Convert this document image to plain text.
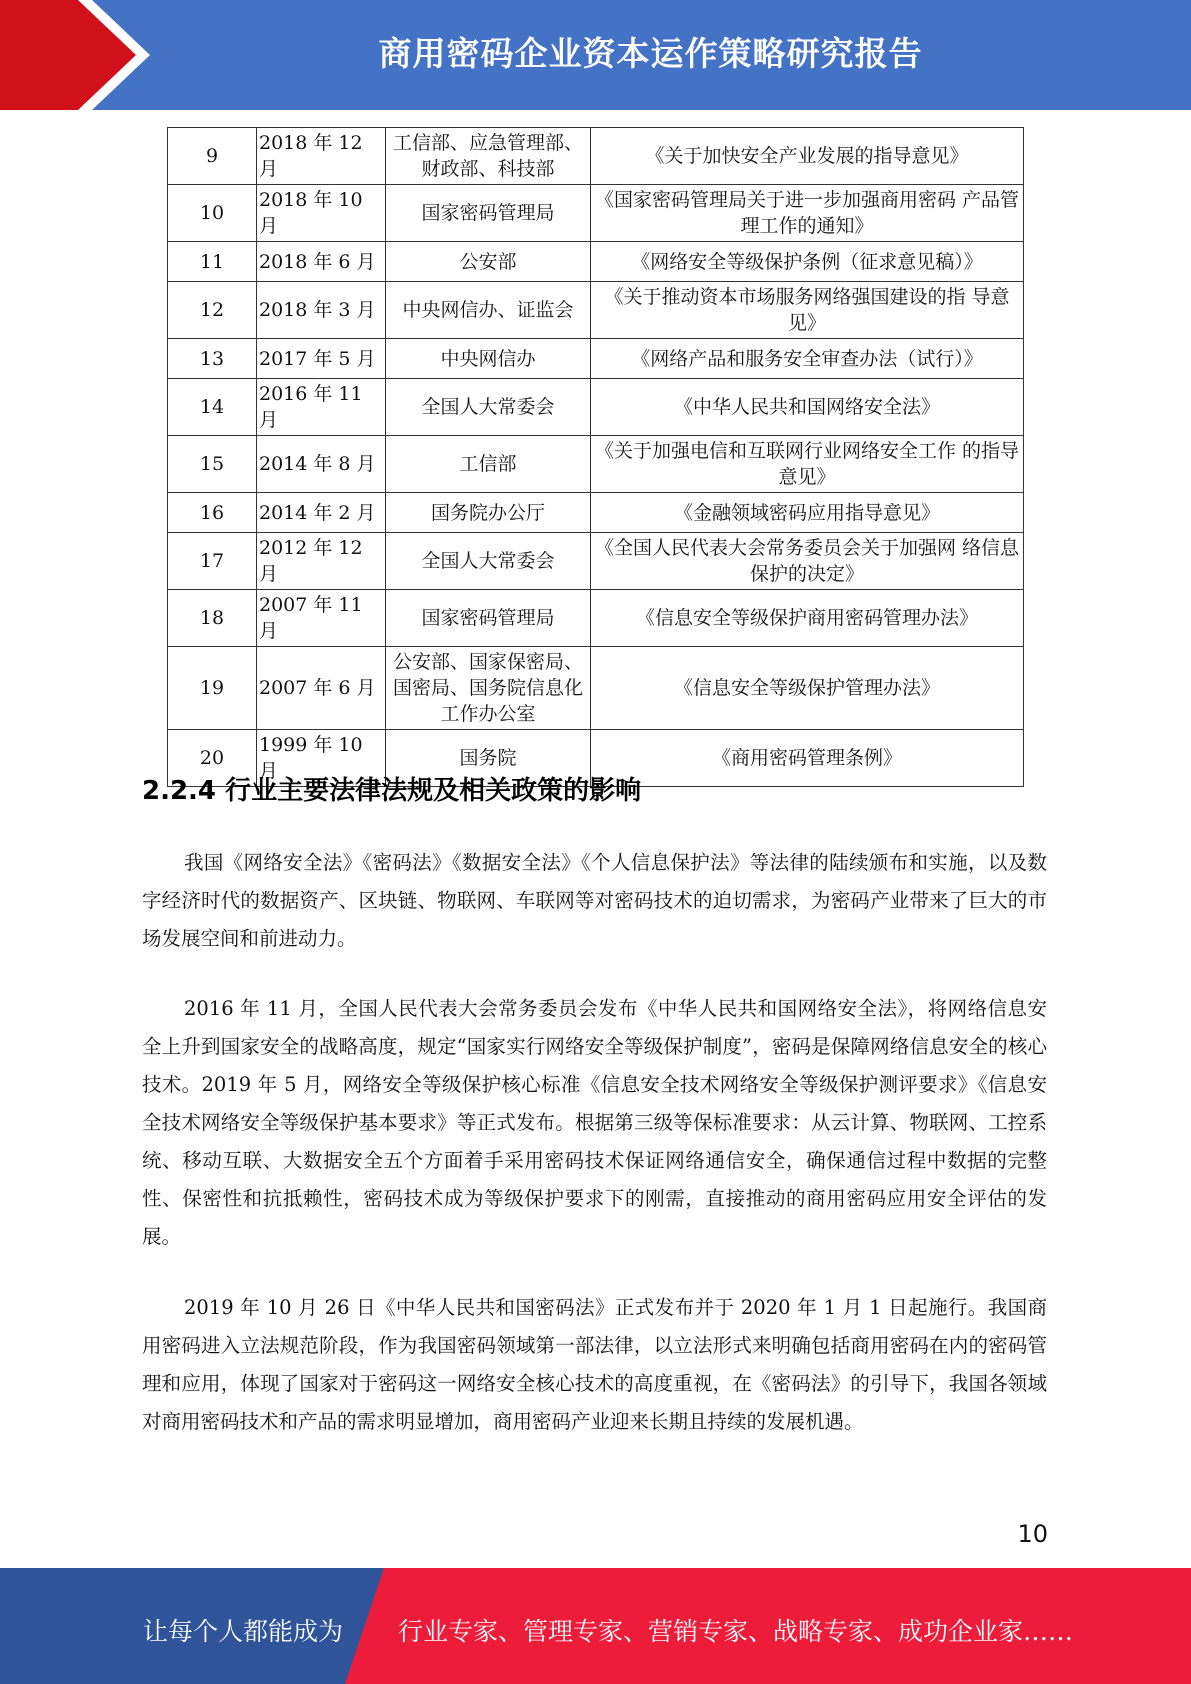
商用密码企业资本运作策略研究报告
9	2018 年 12 月	工信部、应急管理部、财政部、科技部	《关于加快安全产业发展的指导意见》
10	2018 年 10 月	国家密码管理局	《国家密码管理局关于进一步加强商用密码 产品管理工作的通知》
11	2018 年 6 月	公安部	《网络安全等级保护条例（征求意见稿）》
12	2018 年 3 月	中央网信办、证监会	《关于推动资本市场服务网络强国建设的指 导意见》
13	2017 年 5 月	中央网信办	《网络产品和服务安全审查办法（试行）》
14	2016 年 11 月	全国人大常委会	《中华人民共和国网络安全法》
15	2014 年 8 月	工信部	《关于加强电信和互联网行业网络安全工作 的指导意见》
16	2014 年 2 月	国务院办公厅	《金融领域密码应用指导意见》
17	2012 年 12 月	全国人大常委会	《全国人民代表大会常务委员会关于加强网 络信息保护的决定》
18	2007 年 11 月	国家密码管理局	《信息安全等级保护商用密码管理办法》
19	2007 年 6 月	公安部、国家保密局、国密局、国务院信息化工作办公室	《信息安全等级保护管理办法》
20	1999 年 10 月	国务院	《商用密码管理条例》
2.2.4 行业主要法律法规及相关政策的影响

我国《网络安全法》《密码法》《数据安全法》《个人信息保护法》等法律的陆续颁布和实施，以及数字经济时代的数据资产、区块链、物联网、车联网等对密码技术的迫切需求，为密码产业带来了巨大的市场发展空间和前进动力。

2016 年 11 月，全国人民代表大会常务委员会发布《中华人民共和国网络安全法》，将网络信息安全上升到国家安全的战略高度，规定“国家实行网络安全等级保护制度”，密码是保障网络信息安全的核心技术。2019 年 5 月，网络安全等级保护核心标准《信息安全技术网络安全等级保护测评要求》《信息安全技术网络安全等级保护基本要求》等正式发布。根据第三级等保标准要求：从云计算、物联网、工控系统、移动互联、大数据安全五个方面着手采用密码技术保证网络通信安全，确保通信过程中数据的完整性、保密性和抗抵赖性，密码技术成为等级保护要求下的刚需，直接推动的商用密码应用安全评估的发展。

2019 年 10 月 26 日《中华人民共和国密码法》正式发布并于 2020 年 1 月 1 日起施行。我国商用密码进入立法规范阶段，作为我国密码领域第一部法律，以立法形式来明确包括商用密码在内的密码管理和应用，体现了国家对于密码这一网络安全核心技术的高度重视，在《密码法》的引导下，我国各领域对商用密码技术和产品的需求明显增加，商用密码产业迎来长期且持续的发展机遇。

10
让每个人都能成为 行业专家、管理专家、营销专家、战略专家、成功企业家……
